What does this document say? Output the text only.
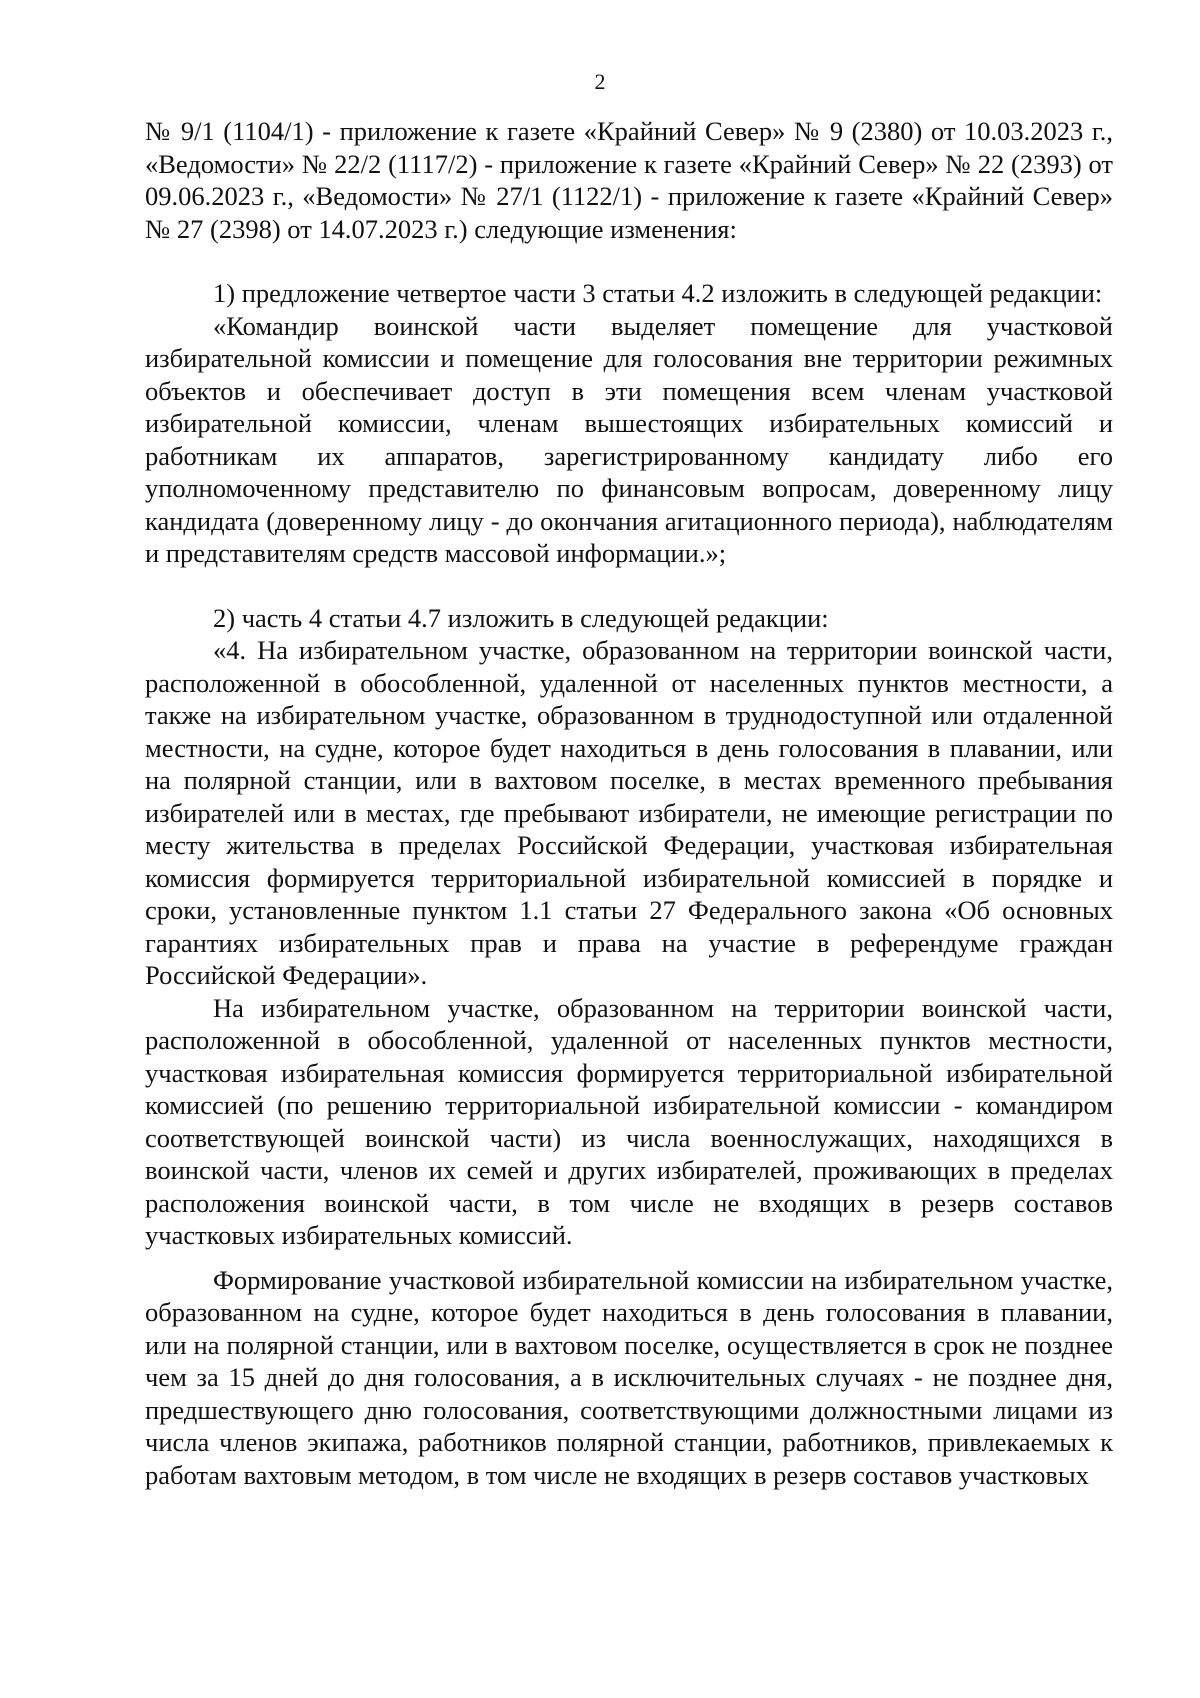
2

№ 9/1 (1104/1) - приложение к газете «Крайний Север» № 9 (2380) от 10.03.2023 г., «Ведомости» № 22/2 (1117/2) - приложение к газете «Крайний Север» № 22 (2393) от 09.06.2023 г., «Ведомости» № 27/1 (1122/1) - приложение к газете «Крайний Север» № 27 (2398) от 14.07.2023 г.) следующие изменения:

1) предложение четвертое части 3 статьи 4.2 изложить в следующей редакции:

«Командир воинской части выделяет помещение для участковой избирательной комиссии и помещение для голосования вне территории режимных объектов и обеспечивает доступ в эти помещения всем членам участковой избирательной комиссии, членам вышестоящих избирательных комиссий и работникам их аппаратов, зарегистрированному кандидату либо его уполномоченному представителю по финансовым вопросам, доверенному лицу кандидата (доверенному лицу - до окончания агитационного периода), наблюдателям и представителям средств массовой информации.»;

2) часть 4 статьи 4.7 изложить в следующей редакции:

«4. На избирательном участке, образованном на территории воинской части, расположенной в обособленной, удаленной от населенных пунктов местности, а также на избирательном участке, образованном в труднодоступной или отдаленной местности, на судне, которое будет находиться в день голосования в плавании, или на полярной станции, или в вахтовом поселке, в местах временного пребывания избирателей или в местах, где пребывают избиратели, не имеющие регистрации по месту жительства в пределах Российской Федерации, участковая избирательная комиссия формируется территориальной избирательной комиссией в порядке и сроки, установленные пунктом 1.1 статьи 27 Федерального закона «Об основных гарантиях избирательных прав и права на участие в референдуме граждан Российской Федерации».

На избирательном участке, образованном на территории воинской части, расположенной в обособленной, удаленной от населенных пунктов местности, участковая избирательная комиссия формируется территориальной избирательной комиссией (по решению территориальной избирательной комиссии - командиром соответствующей воинской части) из числа военнослужащих, находящихся в воинской части, членов их семей и других избирателей, проживающих в пределах расположения воинской части, в том числе не входящих в резерв составов участковых избирательных комиссий.

Формирование участковой избирательной комиссии на избирательном участке, образованном на судне, которое будет находиться в день голосования в плавании, или на полярной станции, или в вахтовом поселке, осуществляется в срок не позднее чем за 15 дней до дня голосования, а в исключительных случаях - не позднее дня, предшествующего дню голосования, соответствующими должностными лицами из числа членов экипажа, работников полярной станции, работников, привлекаемых к работам вахтовым методом, в том числе не входящих в резерв составов участковых
